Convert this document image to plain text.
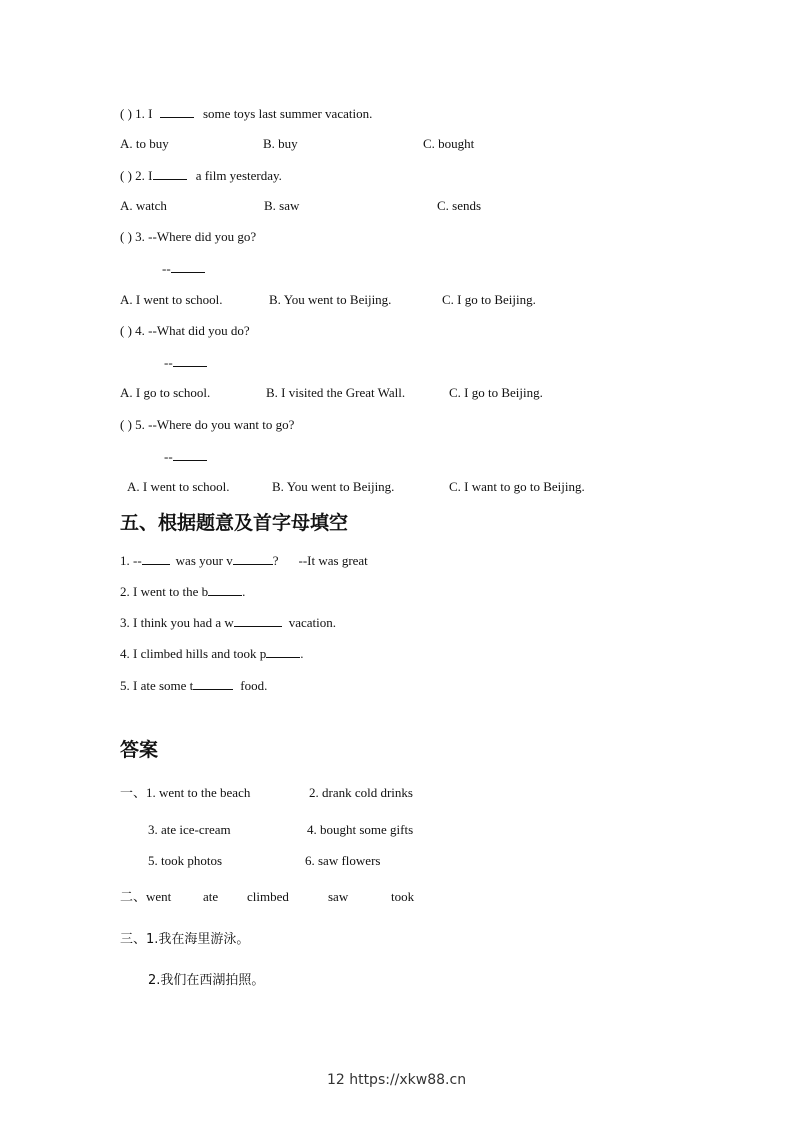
( ) 1. I	some toys last summer vacation.
A. to buy	B. buy	C. bought
( ) 2. I	a film yesterday.
A. watch	B. saw	C. sends
( ) 3. --Where did you go?
--
A. I went to school.	B. You went to Beijing.	C. I go to Beijing.
( ) 4. --What did you do?
--
A. I go to school.	B. I visited the Great Wall.	C. I go to Beijing.
( ) 5. --Where do you want to go?
--
A. I went to school.	B. You went to Beijing.	C. I want to go to Beijing.
五、根据题意及首字母填空
1. --	was your v	? --It was great
2. I went to the b	.
3. I think you had a w	vacation.
4. I climbed hills and took p	.
5. I ate some t	food.
答案
一、1. went to the beach	2. drank cold drinks
3. ate ice-cream	4. bought some gifts
5. took photos	6. saw flowers
二、went ate climbed	saw	took
三、1.我在海里游泳。
2.我们在西湖拍照。
12 https://xkw88.cn
